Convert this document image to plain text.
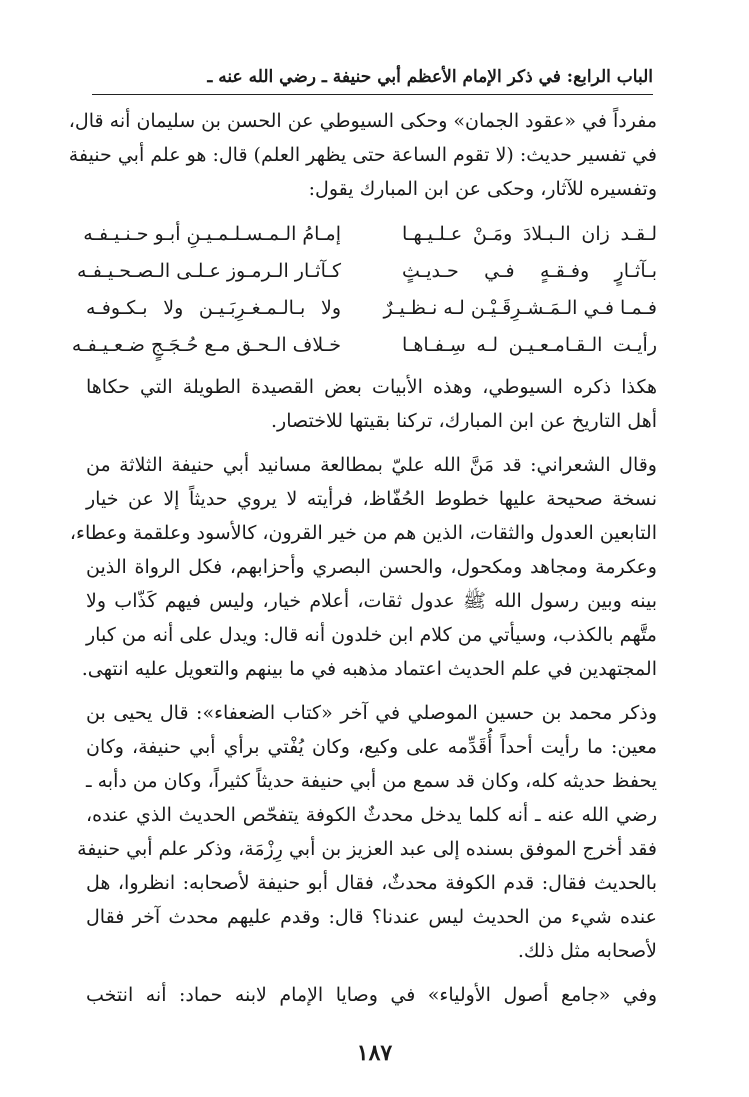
الباب الرابع: في ذكر الإمام الأعظم أبي حنيفة ـ رضي الله عنه ـ

مفرداً في «عقود الجمان» وحكى السيوطي عن الحسن بن سليمان أنه قال،
في تفسير حديث: (لا تقوم الساعة حتى يظهر العلم) قال: هو علم أبي حنيفة
وتفسيره للآثار، وحكى عن ابن المبارك يقول:

لـقـد زان الـبـلادَ ومَـنْ عـلـيـهـا
إمـامُ الـمـسـلـمـيـنِ أبـو حـنـيـفـه
بـآثـارٍ وفـقـهٍ فـي حـديـثٍ
كـآثـار الـرمـوز عـلـى الـصـحـيـفـه
فـمـا فـي الـمَـشـرِقَـيْـن لـه نـظـيـرٌ
ولا بـالـمـغـرِبَـيـن ولا بـكـوفـه
رأيـت الـقـامـعـيـن لـه سِـفـاهـا
خـلاف الـحـق مـع حُـجَـجٍ ضـعـيـفـه

هكذا ذكره السيوطي، وهذه الأبيات بعض القصيدة الطويلة التي حكاها
أهل التاريخ عن ابن المبارك، تركنا بقيتها للاختصار.

وقال الشعراني: قد مَنَّ الله عليّ بمطالعة مسانيد أبي حنيفة الثلاثة من
نسخة صحيحة عليها خطوط الحُفّاظ، فرأيته لا يروي حديثاً إلا عن خيار
التابعين العدول والثقات، الذين هم من خير القرون، كالأسود وعلقمة وعطاء،
وعكرمة ومجاهد ومكحول، والحسن البصري وأحزابهم، فكل الرواة الذين
بينه وبين رسول الله ﷺ عدول ثقات، أعلام خيار، وليس فيهم كَذّاب ولا
متَّهم بالكذب، وسيأتي من كلام ابن خلدون أنه قال: ويدل على أنه من كبار
المجتهدين في علم الحديث اعتماد مذهبه في ما بينهم والتعويل عليه انتهى.

وذكر محمد بن حسين الموصلي في آخر «كتاب الضعفاء»: قال يحيى بن
معين: ما رأيت أحداً أُقَدِّمه على وكيع، وكان يُفْتي برأي أبي حنيفة، وكان
يحفظ حديثه كله، وكان قد سمع من أبي حنيفة حديثاً كثيراً، وكان من دأبه ـ
رضي الله عنه ـ أنه كلما يدخل محدثٌ الكوفة يتفحّص الحديث الذي عنده،
فقد أخرج الموفق بسنده إلى عبد العزيز بن أبي رِزْمَة، وذكر علم أبي حنيفة
بالحديث فقال: قدم الكوفة محدثٌ، فقال أبو حنيفة لأصحابه: انظروا، هل
عنده شيء من الحديث ليس عندنا؟ قال: وقدم عليهم محدث آخر فقال
لأصحابه مثل ذلك.

وفي «جامع أصول الأولياء» في وصايا الإمام لابنه حماد: أنه انتخب

١٨٧
